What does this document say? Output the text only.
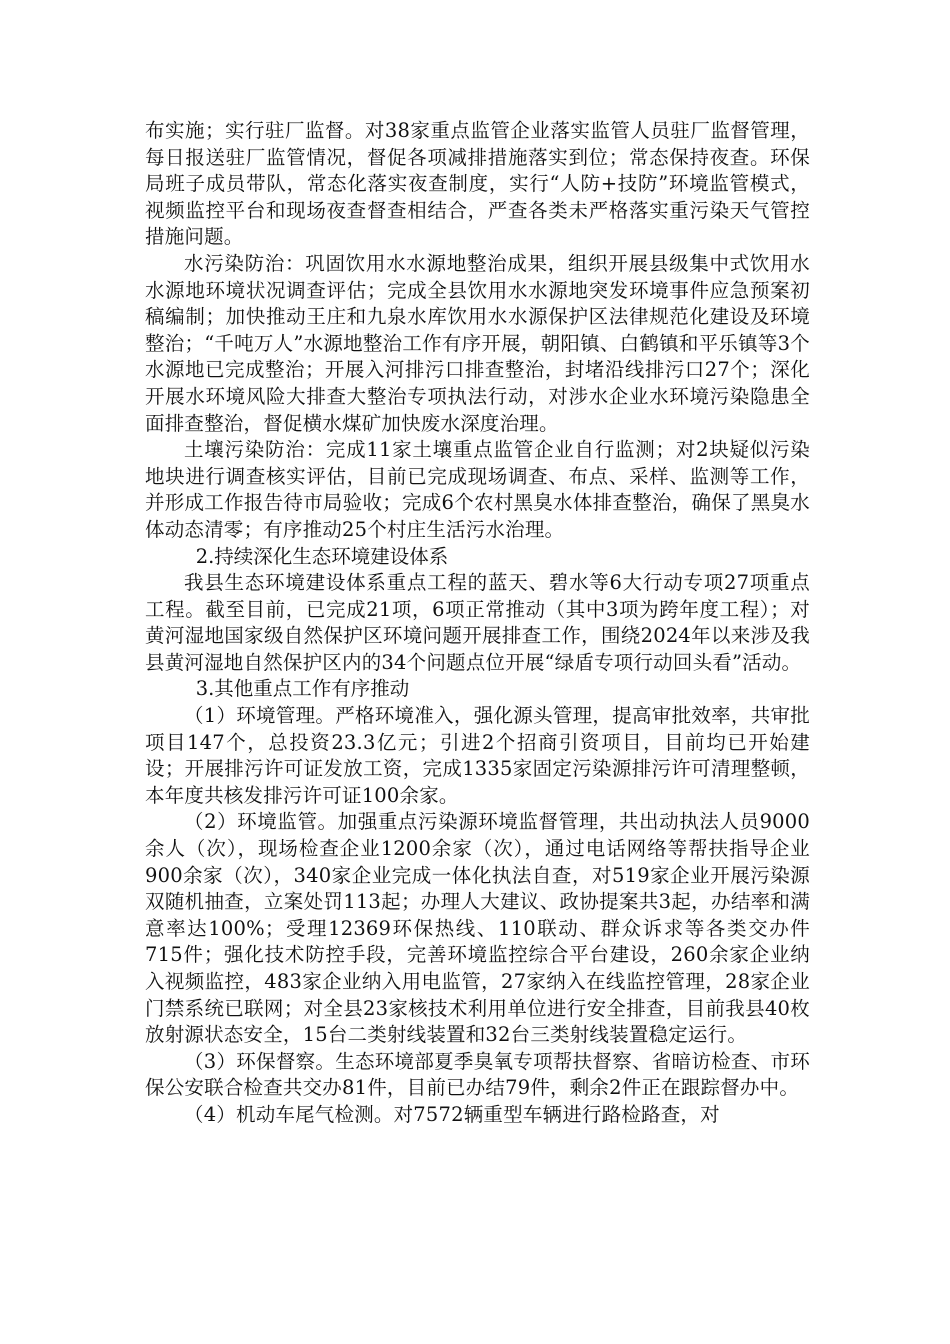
布实施；实行驻厂监督。对38家重点监管企业落实监管人员驻厂监督管理，每日报送驻厂监管情况，督促各项减排措施落实到位；常态保持夜查。环保局班子成员带队，常态化落实夜查制度，实行“人防+技防”环境监管模式，视频监控平台和现场夜查督查相结合，严查各类未严格落实重污染天气管控措施问题。

水污染防治：巩固饮用水水源地整治成果，组织开展县级集中式饮用水水源地环境状况调查评估；完成全县饮用水水源地突发环境事件应急预案初稿编制；加快推动王庄和九泉水库饮用水水源保护区法律规范化建设及环境整治；“千吨万人”水源地整治工作有序开展，朝阳镇、白鹤镇和平乐镇等3个水源地已完成整治；开展入河排污口排查整治，封堵沿线排污口27个；深化开展水环境风险大排查大整治专项执法行动，对涉水企业水环境污染隐患全面排查整治，督促横水煤矿加快废水深度治理。

土壤污染防治：完成11家土壤重点监管企业自行监测；对2块疑似污染地块进行调查核实评估，目前已完成现场调查、布点、采样、监测等工作，并形成工作报告待市局验收；完成6个农村黑臭水体排查整治，确保了黑臭水体动态清零；有序推动25个村庄生活污水治理。

2.持续深化生态环境建设体系

我县生态环境建设体系重点工程的蓝天、碧水等6大行动专项27项重点工程。截至目前，已完成21项，6项正常推动（其中3项为跨年度工程）；对黄河湿地国家级自然保护区环境问题开展排查工作，围绕2024年以来涉及我县黄河湿地自然保护区内的34个问题点位开展“绿盾专项行动回头看”活动。

3.其他重点工作有序推动

（1）环境管理。严格环境准入，强化源头管理，提高审批效率，共审批项目147个，总投资23.3亿元；引进2个招商引资项目，目前均已开始建设；开展排污许可证发放工资，完成1335家固定污染源排污许可清理整顿，本年度共核发排污许可证100余家。

（2）环境监管。加强重点污染源环境监督管理，共出动执法人员9000余人（次），现场检查企业1200余家（次），通过电话网络等帮扶指导企业900余家（次），340家企业完成一体化执法自查，对519家企业开展污染源双随机抽查，立案处罚113起；办理人大建议、政协提案共3起，办结率和满意率达100%；受理12369环保热线、110联动、群众诉求等各类交办件715件；强化技术防控手段，完善环境监控综合平台建设，260余家企业纳入视频监控，483家企业纳入用电监管，27家纳入在线监控管理，28家企业门禁系统已联网；对全县23家核技术利用单位进行安全排查，目前我县40枚放射源状态安全，15台二类射线装置和32台三类射线装置稳定运行。

（3）环保督察。生态环境部夏季臭氧专项帮扶督察、省暗访检查、市环保公安联合检查共交办81件，目前已办结79件，剩余2件正在跟踪督办中。

（4）机动车尾气检测。对7572辆重型车辆进行路检路查，对
